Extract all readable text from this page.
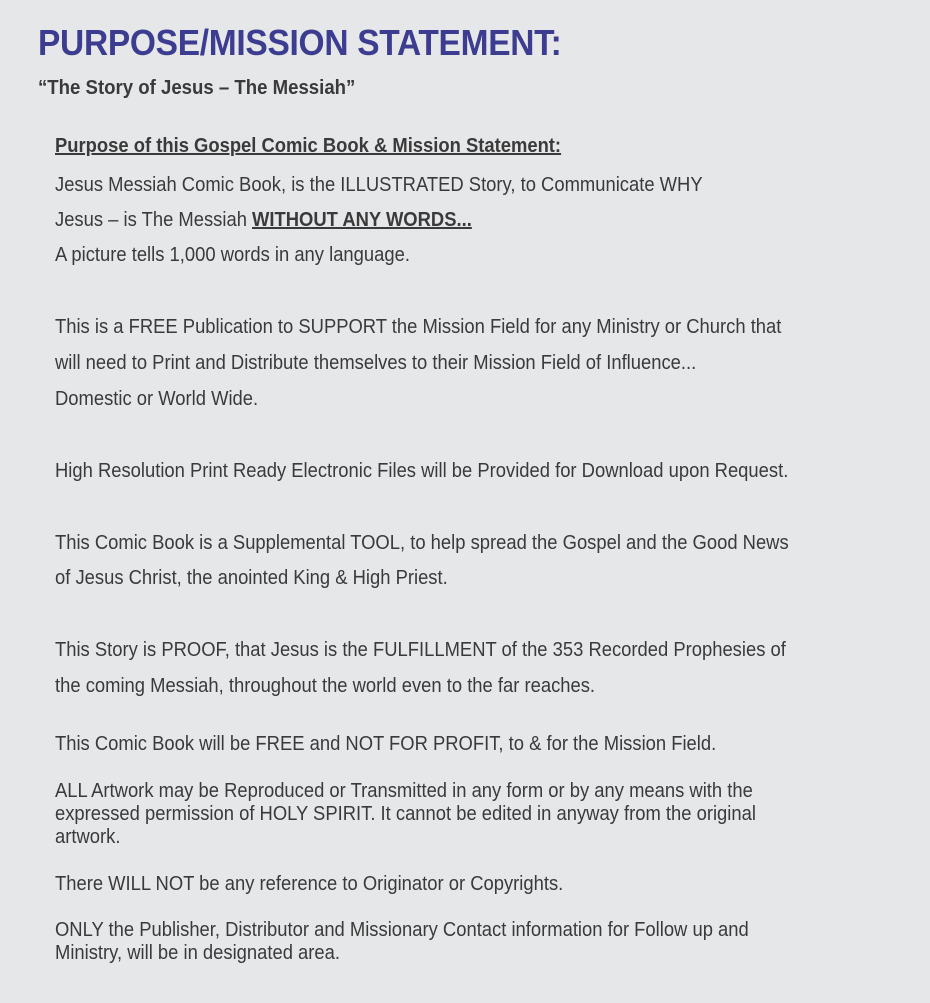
PURPOSE/MISSION STATEMENT:

“The Story of Jesus – The Messiah”

Purpose of this Gospel Comic Book & Mission Statement:

Jesus Messiah Comic Book, is the ILLUSTRATED Story, to Communicate WHY

Jesus – is The Messiah WITHOUT ANY WORDS...

A picture tells 1,000 words in any language.

This is a FREE Publication to SUPPORT the Mission Field for any Ministry or Church that

will need to Print and Distribute themselves to their Mission Field of Influence...

Domestic or World Wide.

High Resolution Print Ready Electronic Files will be Provided for Download upon Request.

This Comic Book is a Supplemental TOOL, to help spread the Gospel and the Good News

of Jesus Christ, the anointed King & High Priest.

This Story is PROOF, that Jesus is the FULFILLMENT of the 353 Recorded Prophesies of

the coming Messiah, throughout the world even to the far reaches.

This Comic Book will be FREE and NOT FOR PROFIT, to & for the Mission Field.

ALL Artwork may be Reproduced or Transmitted in any form or by any means with the

expressed permission of HOLY SPIRIT. It cannot be edited in anyway from the original

artwork.

There WILL NOT be any reference to Originator or Copyrights.

ONLY the Publisher, Distributor and Missionary Contact information for Follow up and

Ministry, will be in designated area.
